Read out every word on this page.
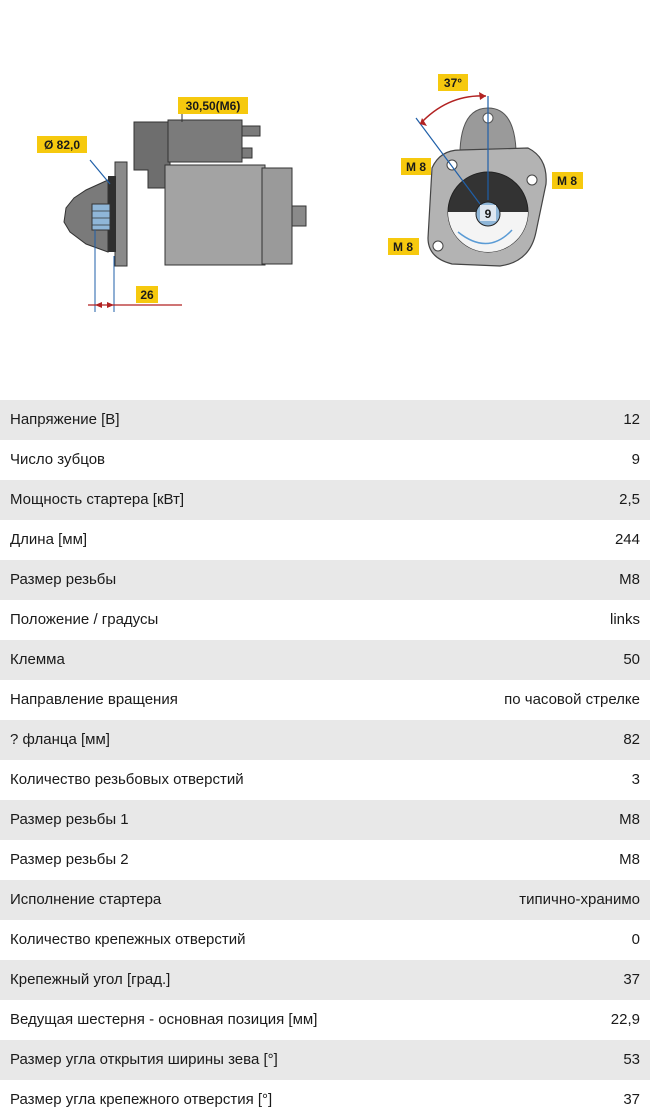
30,50(M6)
Ø 82,0
26
37°
M 8
M 8
M 8
9
Напряжение [В]	12
Число зубцов	9
Мощность стартера [кВт]	2,5
Длина [мм]	244
Размер резьбы	M8
Положение / градусы	links
Клемма	50
Направление вращения	по часовой стрелке
? фланца [мм]	82
Количество резьбовых отверстий	3
Размер резьбы 1	M8
Размер резьбы 2	M8
Исполнение стартера	типично-хранимо
Количество крепежных отверстий	0
Крепежный угол [град.]	37
Ведущая шестерня - основная позиция [мм]	22,9
Размер угла открытия ширины зева [°]	53
Размер угла крепежного отверстия [°]	37
